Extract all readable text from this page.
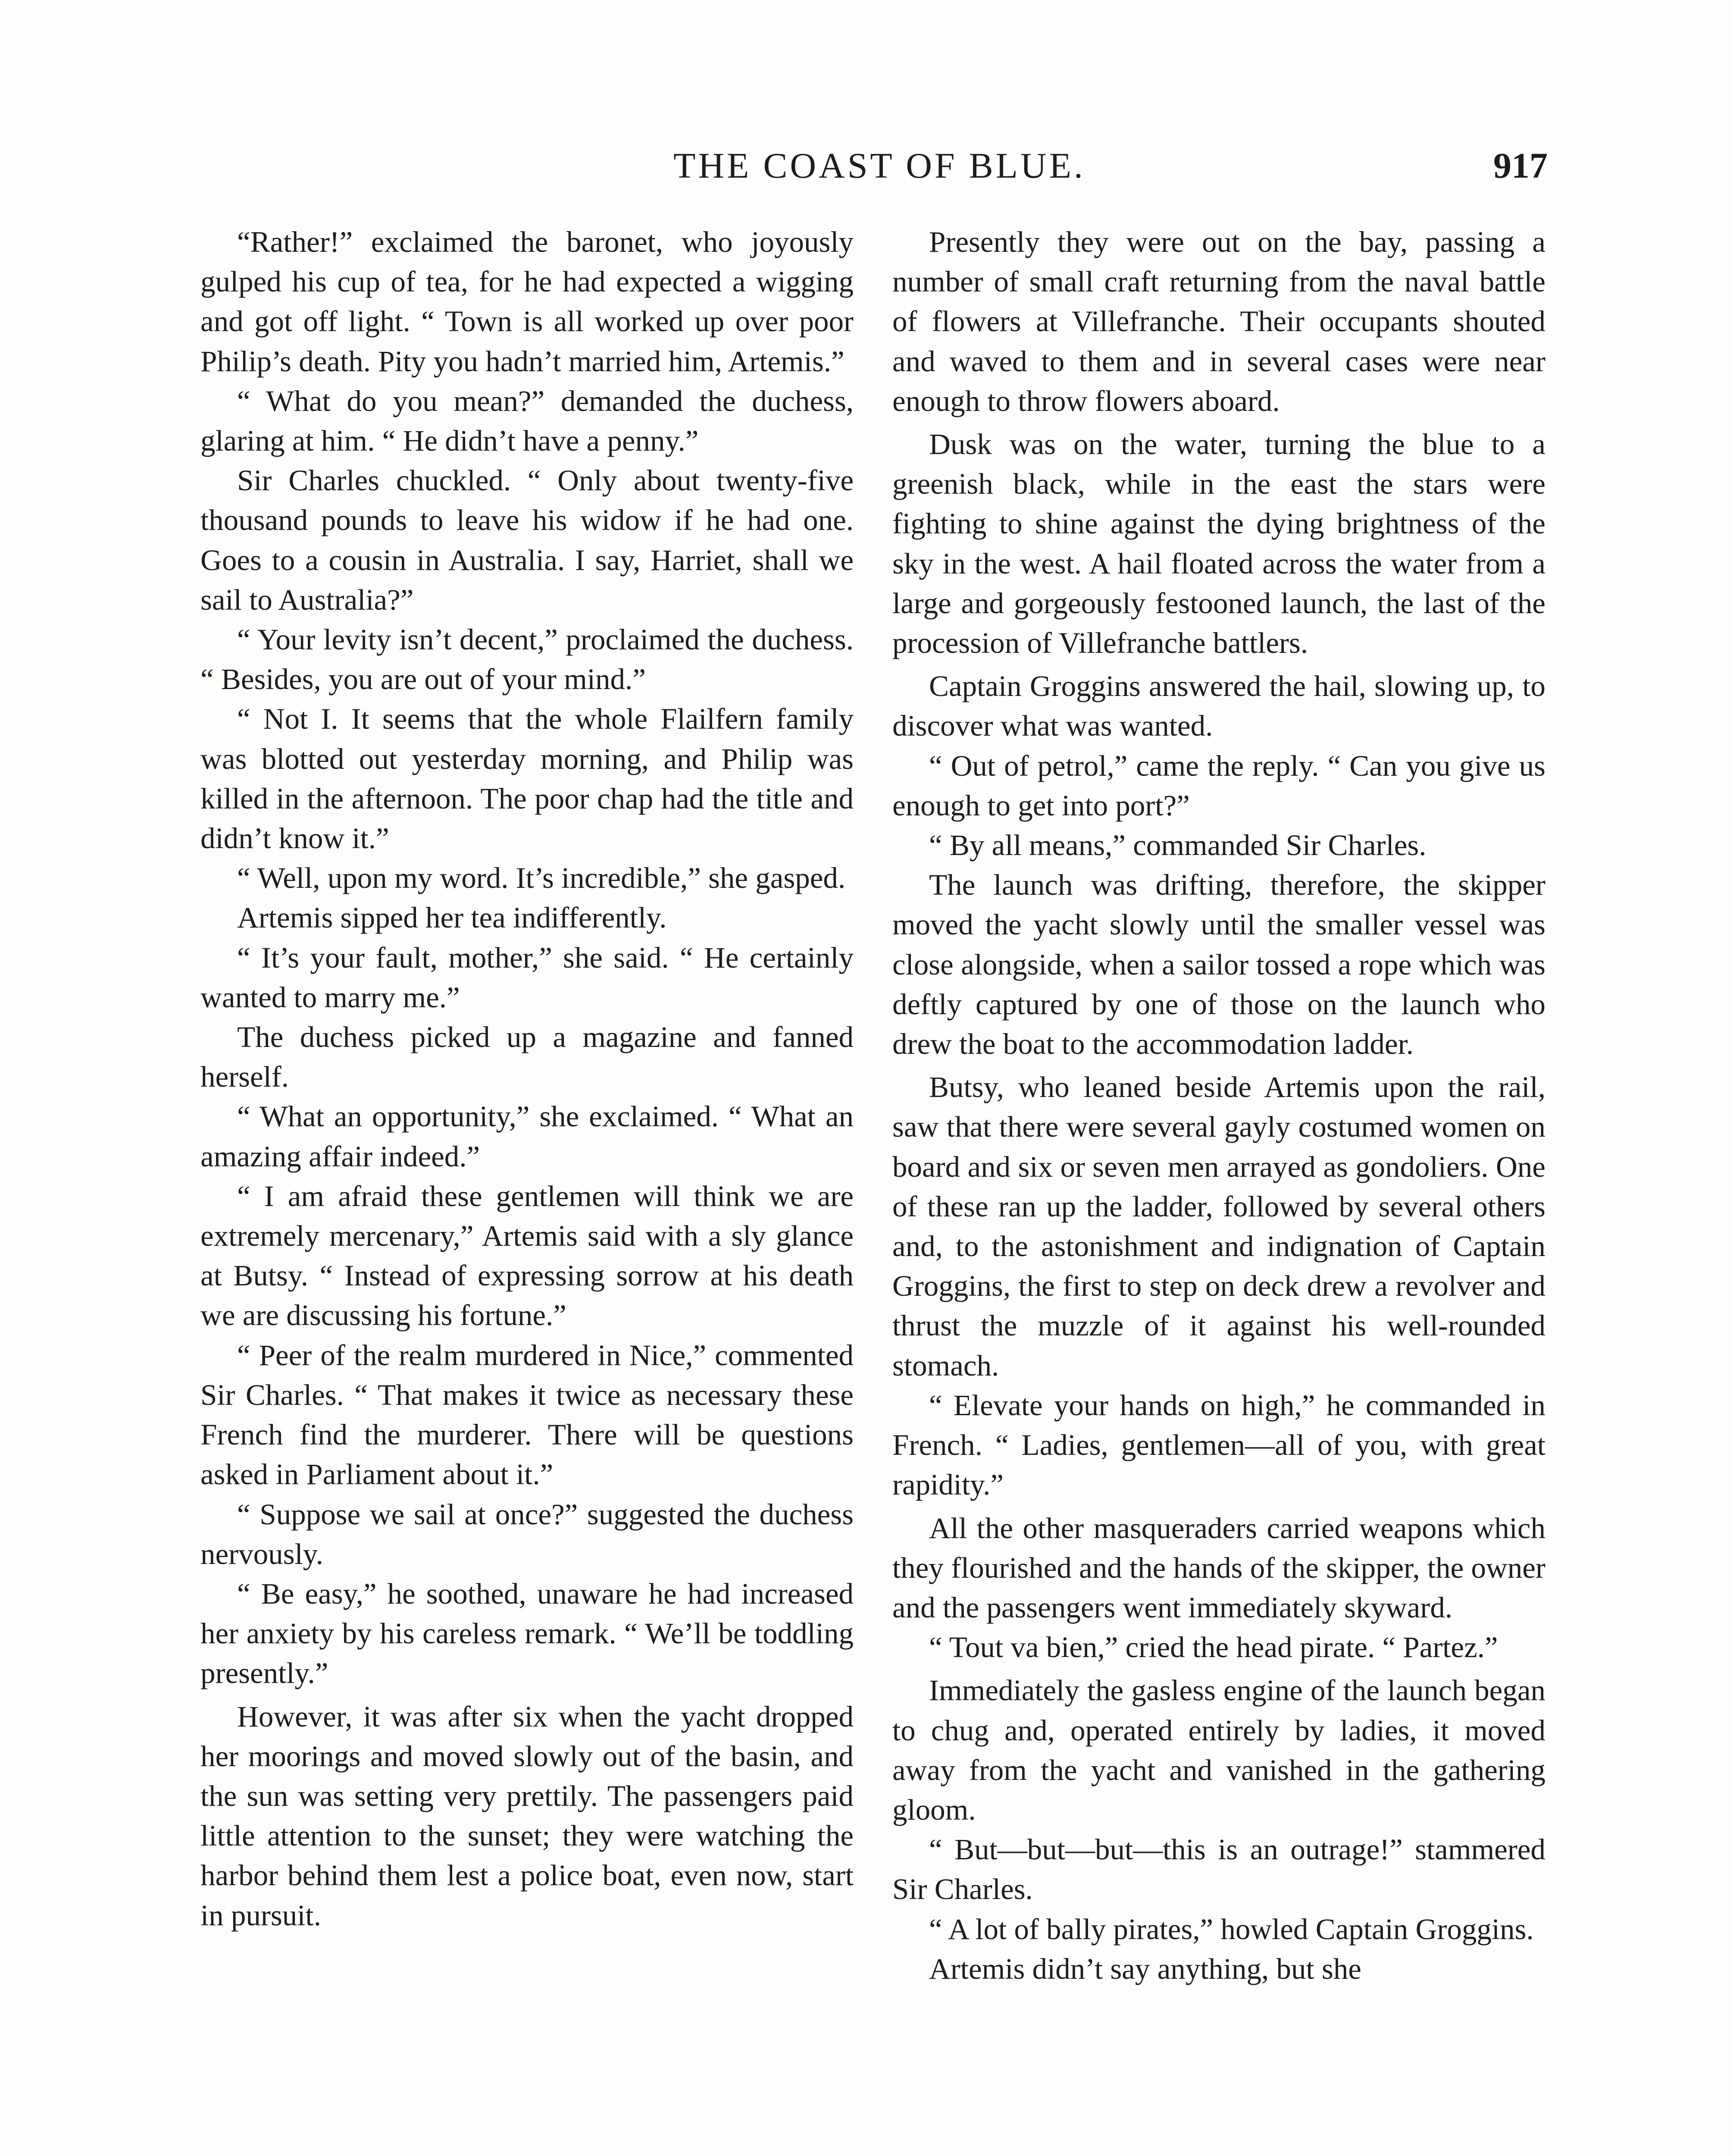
THE COAST OF BLUE.	917

“Rather!” exclaimed the baronet, who joyously gulped his cup of tea, for he had expected a wigging and got off light. “ Town is all worked up over poor Philip’s death. Pity you hadn’t married him, Artemis.”

“ What do you mean?” demanded the duchess, glaring at him. “ He didn’t have a penny.”

Sir Charles chuckled. “ Only about twenty-five thousand pounds to leave his widow if he had one. Goes to a cousin in Australia. I say, Harriet, shall we sail to Australia?”

“ Your levity isn’t decent,” proclaimed the duchess. “ Besides, you are out of your mind.”

“ Not I. It seems that the whole Flailfern family was blotted out yesterday morning, and Philip was killed in the afternoon. The poor chap had the title and didn’t know it.”

“ Well, upon my word. It’s incredible,” she gasped.

Artemis sipped her tea indifferently.

“ It’s your fault, mother,” she said. “ He certainly wanted to marry me.”

The duchess picked up a magazine and fanned herself.

“ What an opportunity,” she exclaimed. “ What an amazing affair indeed.”

“ I am afraid these gentlemen will think we are extremely mercenary,” Artemis said with a sly glance at Butsy. “ Instead of expressing sorrow at his death we are discussing his fortune.”

“ Peer of the realm murdered in Nice,” commented Sir Charles. “ That makes it twice as necessary these French find the murderer. There will be questions asked in Parliament about it.”

“ Suppose we sail at once?” suggested the duchess nervously.

“ Be easy,” he soothed, unaware he had increased her anxiety by his careless remark. “ We’ll be toddling presently.”

However, it was after six when the yacht dropped her moorings and moved slowly out of the basin, and the sun was setting very prettily. The passengers paid little attention to the sunset; they were watching the harbor behind them lest a police boat, even now, start in pursuit.

Presently they were out on the bay, passing a number of small craft returning from the naval battle of flowers at Villefranche. Their occupants shouted and waved to them and in several cases were near enough to throw flowers aboard.

Dusk was on the water, turning the blue to a greenish black, while in the east the stars were fighting to shine against the dying brightness of the sky in the west. A hail floated across the water from a large and gorgeously festooned launch, the last of the procession of Villefranche battlers.

Captain Groggins answered the hail, slowing up, to discover what was wanted.

“ Out of petrol,” came the reply. “ Can you give us enough to get into port?”

“ By all means,” commanded Sir Charles.

The launch was drifting, therefore, the skipper moved the yacht slowly until the smaller vessel was close alongside, when a sailor tossed a rope which was deftly captured by one of those on the launch who drew the boat to the accommodation ladder.

Butsy, who leaned beside Artemis upon the rail, saw that there were several gayly costumed women on board and six or seven men arrayed as gondoliers. One of these ran up the ladder, followed by several others and, to the astonishment and indignation of Captain Groggins, the first to step on deck drew a revolver and thrust the muzzle of it against his well-rounded stomach.

“ Elevate your hands on high,” he commanded in French. “ Ladies, gentlemen—all of you, with great rapidity.”

All the other masqueraders carried weapons which they flourished and the hands of the skipper, the owner and the passengers went immediately skyward.

“ Tout va bien,” cried the head pirate. “ Partez.”

Immediately the gasless engine of the launch began to chug and, operated entirely by ladies, it moved away from the yacht and vanished in the gathering gloom.

“ But—but—but—this is an outrage!” stammered Sir Charles.

“ A lot of bally pirates,” howled Captain Groggins.

Artemis didn’t say anything, but she
